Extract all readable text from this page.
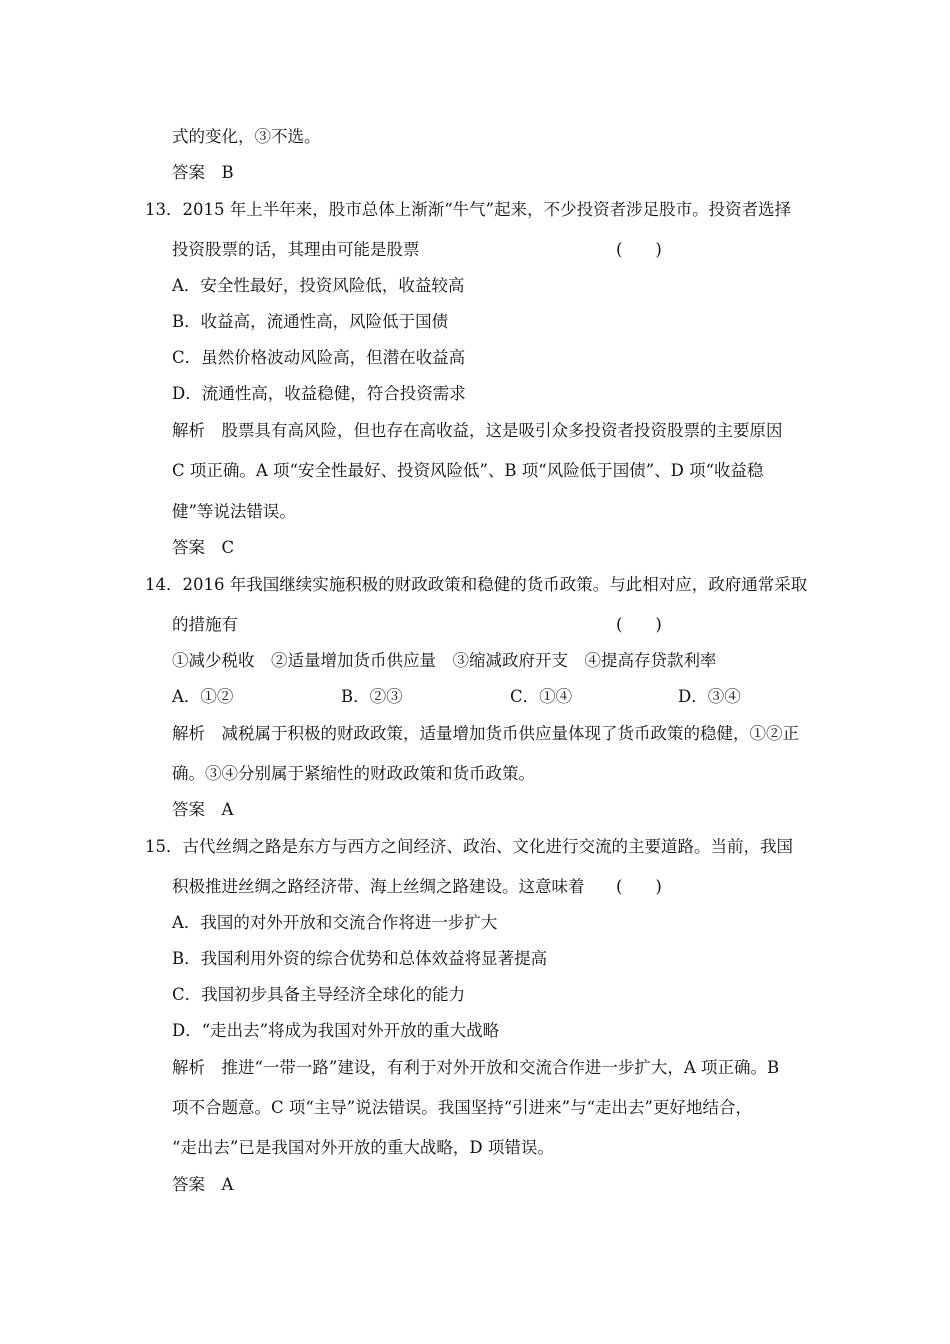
式的变化，③不选。
答案　B
13．2015 年上半年来，股市总体上渐渐“牛气”起来，不少投资者涉足股市。投资者选择
投资股票的话，其理由可能是股票	(　　)
A．安全性最好，投资风险低，收益较高
B．收益高，流通性高，风险低于国债
C．虽然价格波动风险高，但潜在收益高
D．流通性高，收益稳健，符合投资需求
解析　股票具有高风险，但也存在高收益，这是吸引众多投资者投资股票的主要原因
C 项正确。A 项“安全性最好、投资风险低”、B 项“风险低于国债”、D 项“收益稳
健”等说法错误。
答案　C
14．2016 年我国继续实施积极的财政政策和稳健的货币政策。与此相对应，政府通常采取
的措施有	(　　)
①减少税收　②适量增加货币供应量　③缩减政府开支　④提高存贷款利率
A．①②	B．②③	C．①④	D．③④
解析　减税属于积极的财政政策，适量增加货币供应量体现了货币政策的稳健，①②正
确。③④分别属于紧缩性的财政政策和货币政策。
答案　A
15．古代丝绸之路是东方与西方之间经济、政治、文化进行交流的主要道路。当前，我国
积极推进丝绸之路经济带、海上丝绸之路建设。这意味着 (　　)
A．我国的对外开放和交流合作将进一步扩大
B．我国利用外资的综合优势和总体效益将显著提高
C．我国初步具备主导经济全球化的能力
D．“走出去”将成为我国对外开放的重大战略
解析　推进“一带一路”建设，有利于对外开放和交流合作进一步扩大，A 项正确。B
项不合题意。C 项“主导”说法错误。我国坚持“引进来”与“走出去”更好地结合，
“走出去”已是我国对外开放的重大战略，D 项错误。
答案　A
